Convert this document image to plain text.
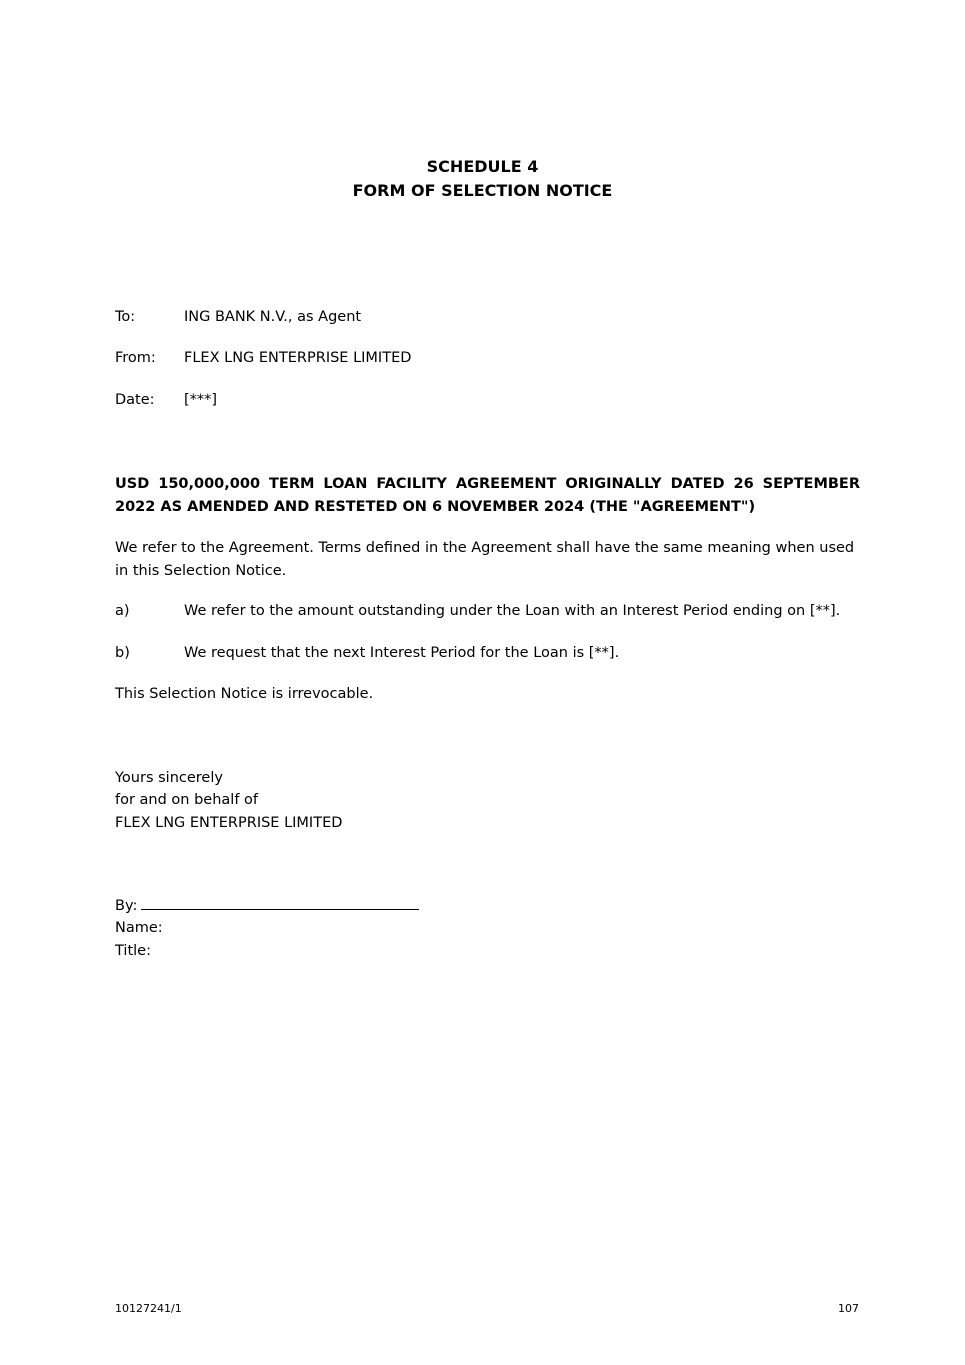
SCHEDULE 4
FORM OF SELECTION NOTICE
To:	ING BANK N.V., as Agent
From: FLEX LNG ENTERPRISE LIMITED
Date: [***]
USD 150,000,000 TERM LOAN FACILITY AGREEMENT ORIGINALLY DATED 26 SEPTEMBER
2022 AS AMENDED AND RESTETED ON 6 NOVEMBER 2024 (THE "AGREEMENT")
We refer to the Agreement. Terms defined in the Agreement shall have the same meaning when used
in this Selection Notice.
a)	We refer to the amount outstanding under the Loan with an Interest Period ending on [**].
b)	We request that the next Interest Period for the Loan is [**].
This Selection Notice is irrevocable.
Yours sincerely
for and on behalf of
FLEX LNG ENTERPRISE LIMITED
By:
Name:
Title:
10127241/1	107
